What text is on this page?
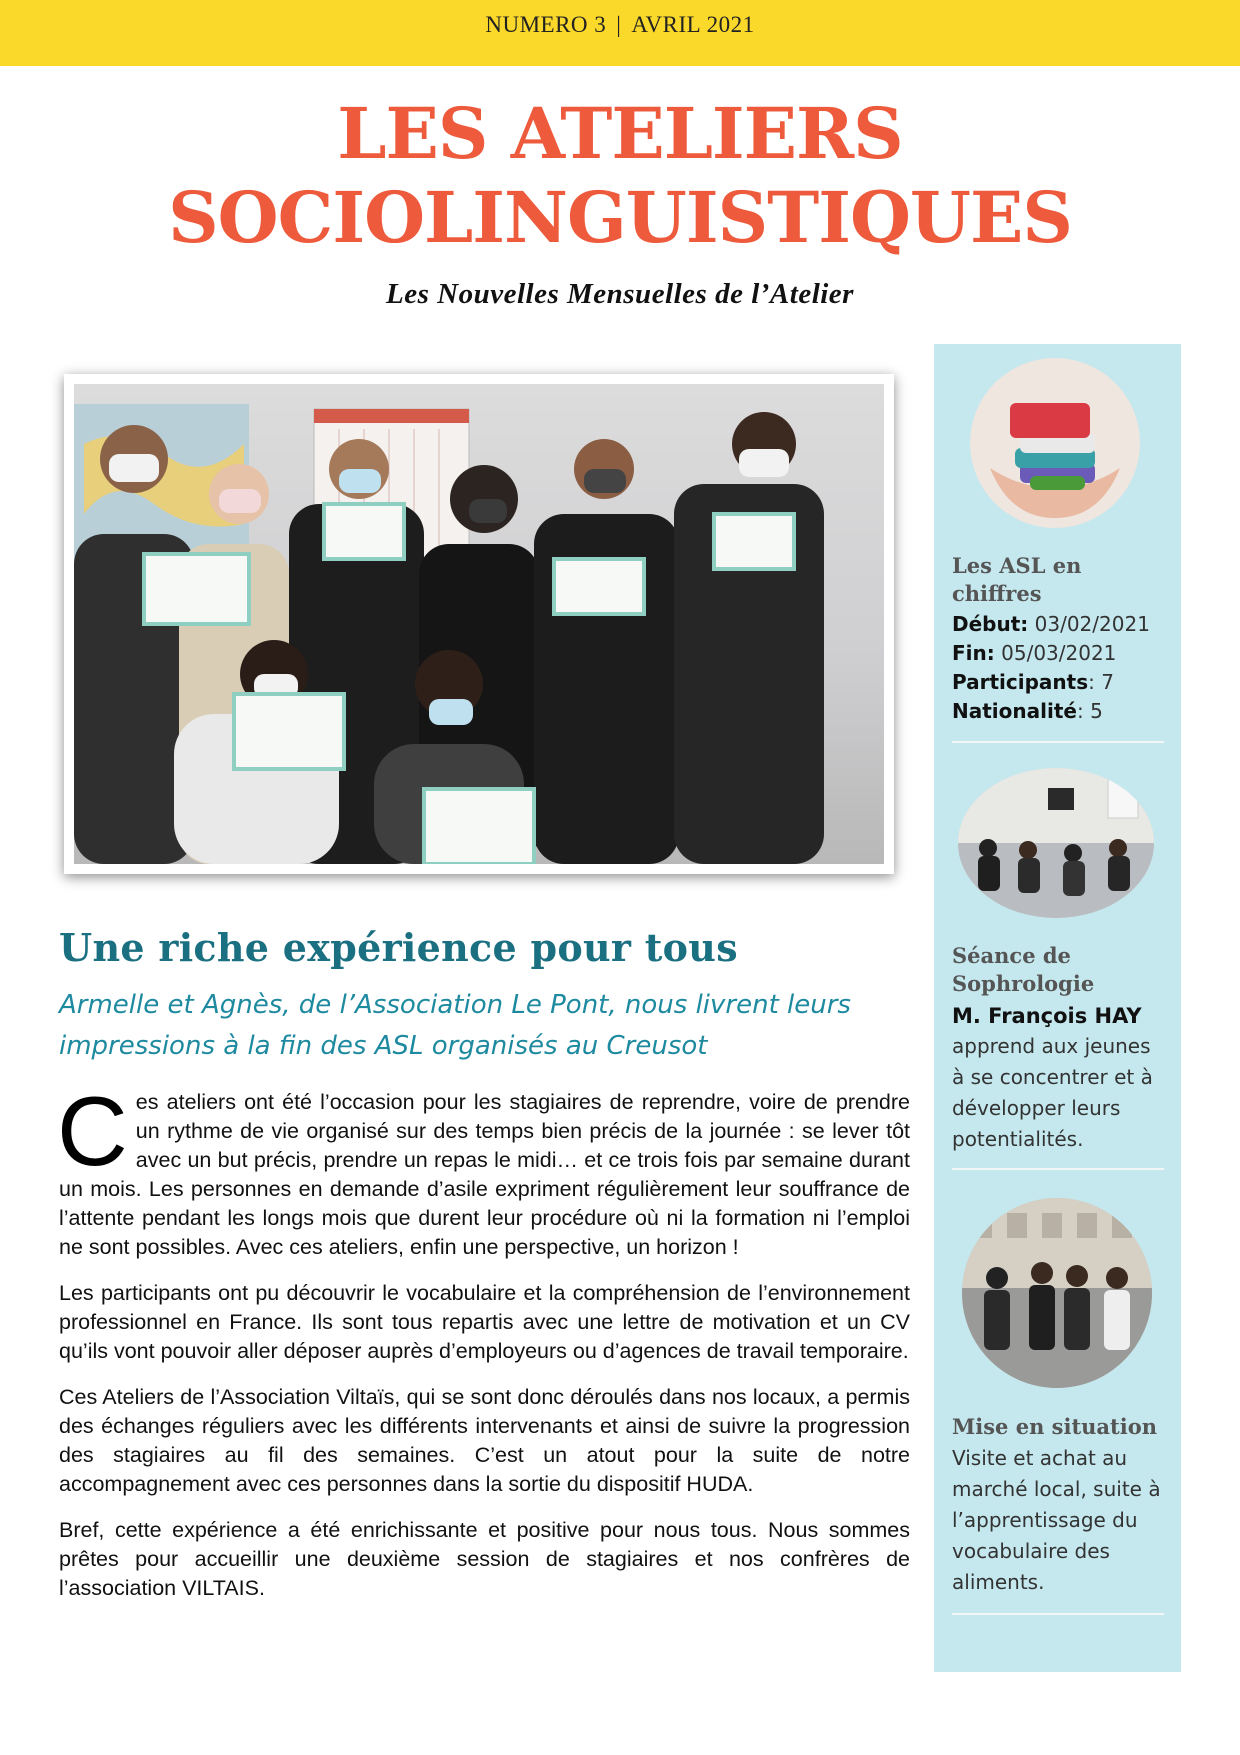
NUMERO 3 | AVRIL 2021
LES ATELIERS
SOCIOLINGUISTIQUES
Les Nouvelles Mensuelles de l’Atelier
Une riche expérience pour tous
Armelle et Agnès, de l’Association Le Pont, nous livrent leurs impressions à la fin des ASL organisés au Creusot

Ces ateliers ont été l’occasion pour les stagiaires de reprendre, voire de prendre un rythme de vie organisé sur des temps bien précis de la journée : se lever tôt avec un but précis, prendre un repas le midi… et ce trois fois par semaine durant un mois. Les personnes en demande d’asile expriment régulièrement leur souffrance de l’attente pendant les longs mois que durent leur procédure où ni la formation ni l’emploi ne sont possibles. Avec ces ateliers, enfin une perspective, un horizon !

Les participants ont pu découvrir le vocabulaire et la compréhension de l’environnement professionnel en France. Ils sont tous repartis avec une lettre de motivation et un CV qu’ils vont pouvoir aller déposer auprès d’employeurs ou d’agences de travail temporaire.

Ces Ateliers de l’Association Viltaïs, qui se sont donc déroulés dans nos locaux, a permis des échanges réguliers avec les différents intervenants et ainsi de suivre la progression des stagiaires au fil des semaines. C’est un atout pour la suite de notre accompagnement avec ces personnes dans la sortie du dispositif HUDA.

Bref, cette expérience a été enrichissante et positive pour nous tous. Nous sommes prêtes pour accueillir une deuxième session de stagiaires et nos confrères de l’association VILTAIS.

Les ASL en chiffres
Début: 03/02/2021
Fin: 05/03/2021
Participants: 7
Nationalité: 5
Séance de Sophrologie
M. François HAY
apprend aux jeunes à se concentrer et à développer leurs potentialités.
Mise en situation
Visite et achat au marché local, suite à l’apprentissage du vocabulaire des aliments.
